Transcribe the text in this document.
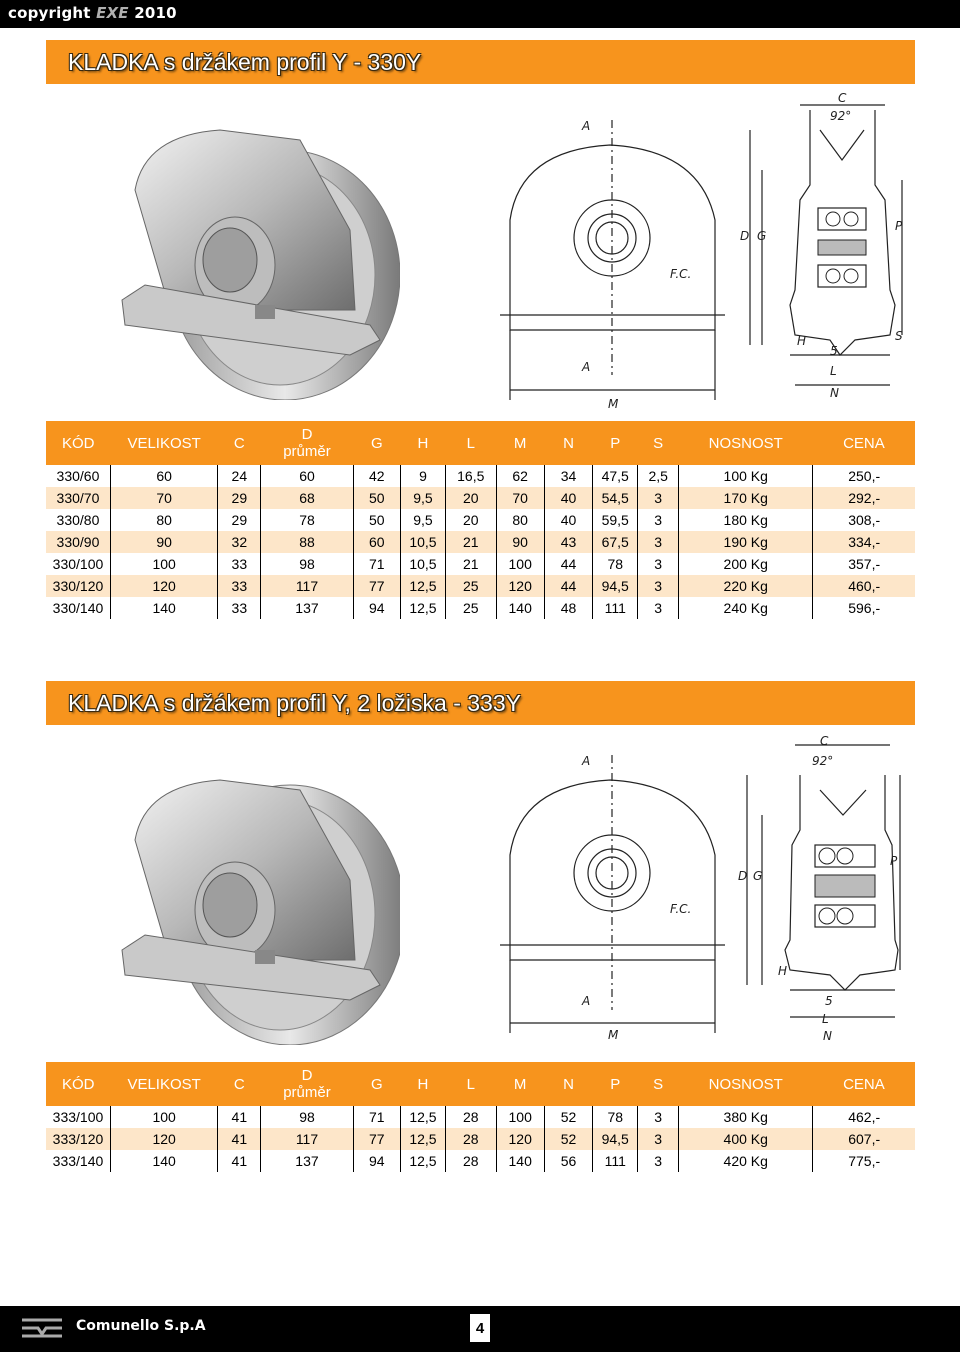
copyright EXE 2010
KLADKA s držákem profil Y - 330Y
C
92°
D G
P
S
H
5
L
N
M
A
A
F.C.
KÓD	VELIKOST	C	D
průměr	G	H	L	M	N	P	S	NOSNOST	CENA
330/60	60	24	60	42	9	16,5	62	34	47,5	2,5	100 Kg	250,-
330/70	70	29	68	50	9,5	20	70	40	54,5	3	170 Kg	292,-
330/80	80	29	78	50	9,5	20	80	40	59,5	3	180 Kg	308,-
330/90	90	32	88	60	10,5	21	90	43	67,5	3	190 Kg	334,-
330/100	100	33	98	71	10,5	21	100	44	78	3	200 Kg	357,-
330/120	120	33	117	77	12,5	25	120	44	94,5	3	220 Kg	460,-
330/140	140	33	137	94	12,5	25	140	48	111	3	240 Kg	596,-
KLADKA s držákem profil Y, 2 ložiska - 333Y
C
92°
D G
P
H
5
L
N
M
A
A
F.C.
KÓD	VELIKOST	C	D
průměr	G	H	L	M	N	P	S	NOSNOST	CENA
333/100	100	41	98	71	12,5	28	100	52	78	3	380 Kg	462,-
333/120	120	41	117	77	12,5	28	120	52	94,5	3	400 Kg	607,-
333/140	140	41	137	94	12,5	28	140	56	111	3	420 Kg	775,-
Comunello S.p.A	4
